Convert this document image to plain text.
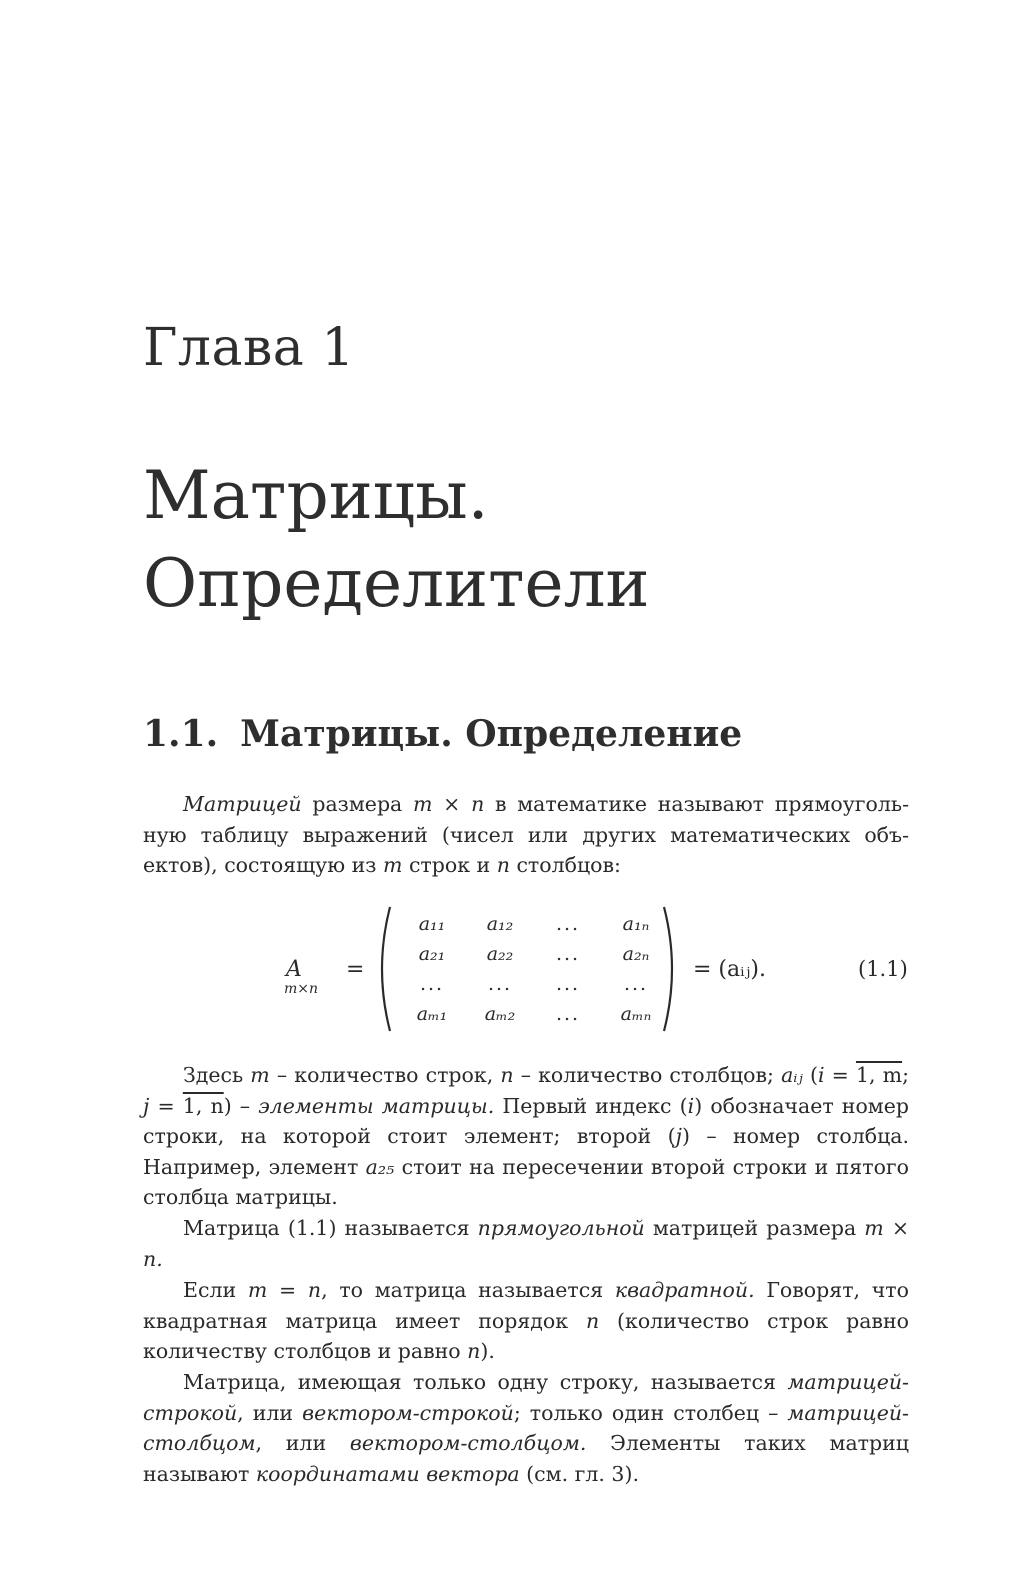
Глава 1
Матрицы.
Определители
1.1. Матрицы. Определение
Матрицей размера m × n в математике называют прямоугольную таблицу выражений (чисел или других математических объектов), состоящую из m строк и n столбцов:
A
m×n
=
a₁₁	a₁₂	...	a₁ₙ
a₂₁	a₂₂	...	a₂ₙ
...	...	...	...
aₘ₁	aₘ₂	...	aₘₙ
= (aᵢⱼ).	(1.1)
Здесь m – количество строк, n – количество столбцов; aᵢⱼ (i = 1, m; j = 1, n) – элементы матрицы. Первый индекс (i) обозначает номер строки, на которой стоит элемент; второй (j) – номер столбца. Например, элемент a₂₅ стоит на пересечении второй строки и пятого столбца матрицы.
Матрица (1.1) называется прямоугольной матрицей размера m × n.
Если m = n, то матрица называется квадратной. Говорят, что квадратная матрица имеет порядок n (количество строк равно количеству столбцов и равно n).
Матрица, имеющая только одну строку, называется матрицей-строкой, или вектором-строкой; только один столбец – матрицей-столбцом, или вектором-столбцом. Элементы таких матриц называют координатами вектора (см. гл. 3).
